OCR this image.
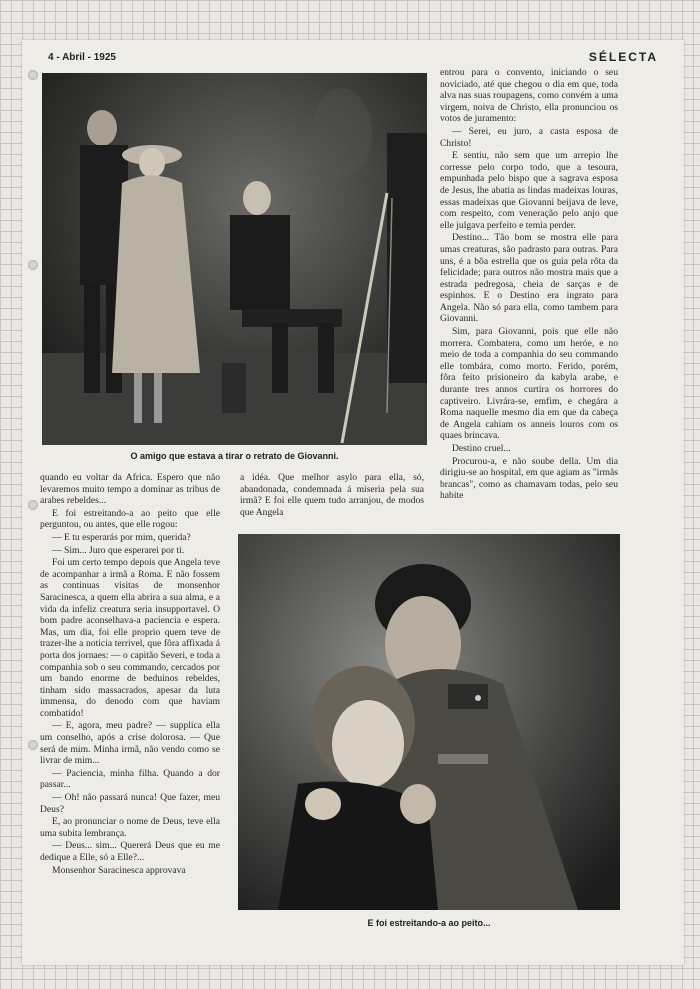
4 - Abril - 1925	SÉLECTA
O amigo que estava a tirar o retrato de Giovanni.

entrou para o convento, iniciando o seu noviciado, até que chegou o dia em que, toda alva nas suas roupagens, como convém a uma virgem, noiva de Christo, ella pronunciou os votos de juramento:

— Serei, eu juro, a casta esposa de Christo!

E sentiu, não sem que um arrepio lhe corresse pelo corpo todo, que a tesoura, empunhada pelo bispo que a sagrava esposa de Jesus, lhe abatia as lindas madeixas louras, essas madeixas que Giovanni beijava de leve, com respeito, com veneração pelo anjo que elle julgava perfeito e temia perder.

Destino... Tão bom se mostra elle para umas creaturas, são padrasto para outras. Para uns, é a bôa estrella que os guia pela rôta da felicidade; para outros não mostra mais que a estrada pedregosa, cheia de sarças e de espinhos. E o Destino era ingrato para Angela. Não só para ella, como tambem para Giovanni.

Sim, para Giovanni, pois que elle não morrera. Combatera, como um heróe, e no meio de toda a companhia do seu commando elle tombára, como morto. Ferido, porém, fôra feito prisioneiro da kabyla arabe, e durante tres annos curtira os horrores do captiveiro. Livrára-se, emfim, e chegára a Roma naquelle mesmo dia em que da cabeça de Angela cahiam os anneis louros com os quaes brincava.

Destino cruel...

Procurou-a, e não soube della. Um dia dirigiu-se ao hospital, em que agiam as "irmãs brancas", como as chamavam todas, pelo seu habite

quando eu voltar da Africa. Espero que não levaremos muito tempo a dominar as tribus de arabes rebeldes...

E foi estreitando-a ao peito que elle perguntou, ou antes, que elle rogou:

— E tu esperarás por mim, querida?

— Sim... Juro que esperarei por ti.

Foi um certo tempo depois que Angela teve de acompanhar a irmã a Roma. E não fossem as continuas visitas de monsenhor Saracinesca, a quem ella abrira a sua alma, e a vida da infeliz creatura seria insupportavel. O bom padre aconselhava-a paciencia e espera. Mas, um dia, foi elle proprio quem teve de trazer-lhe a noticia terrivel, que fôra affixada á porta dos jornaes: — o capitão Severi, e toda a companhia sob o seu commando, cercados por um bando enorme de beduinos rebeldes, tinham sido massacrados, apesar da luta immensa, do denodo com que haviam combatido!

— E, agora, meu padre? — supplica ella um conselho, após a crise dolorosa. — Que será de mim. Minha irmã, não vendo como se livrar de mim...

— Paciencia, minha filha. Quando a dor passar...

— Oh! não passará nunca! Que fazer, meu Deus?

E, ao pronunciar o nome de Deus, teve ella uma subita lembrança.

— Deus... sim... Quererá Deus que eu me dedique a Elle, só a Elle?...

Monsenhor Saracinesca approvava

a idéa. Que melhor asylo para ella, só, abandonada, condemnada á miseria pela sua irmã? E foi elle quem tudo arranjou, de modos que Angela

E foi estreitando-a ao peito...
